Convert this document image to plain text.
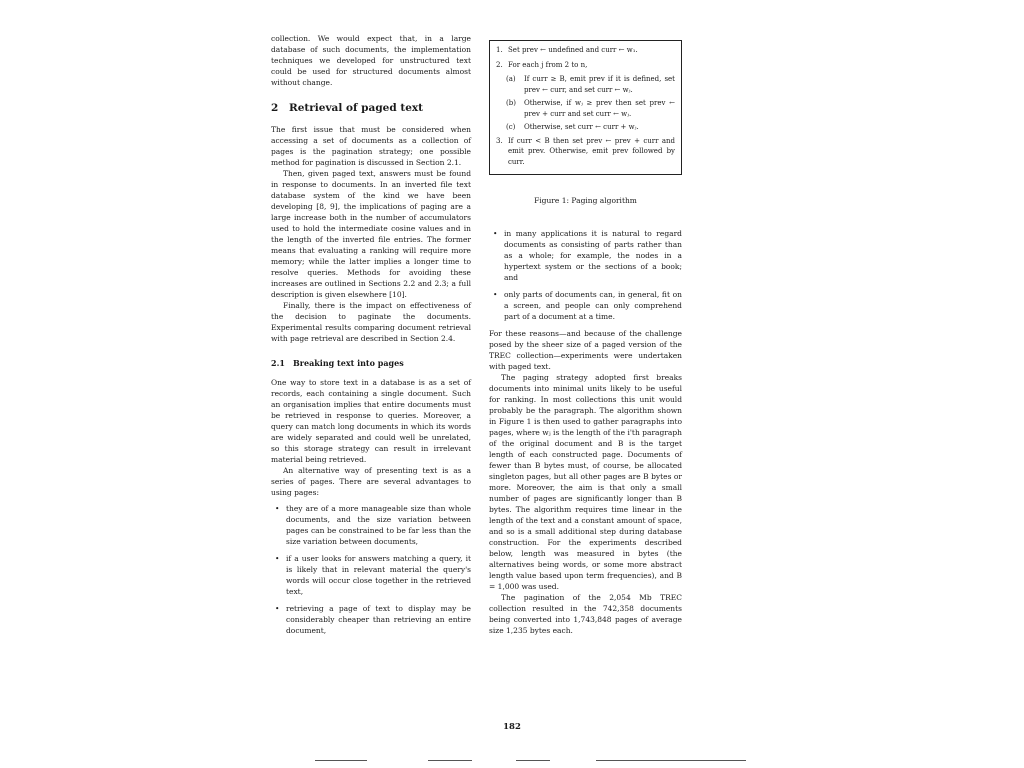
collection. We would expect that, in a large database of such documents, the implementation techniques we developed for unstructured text could be used for structured documents almost without change.

2 Retrieval of paged text

The first issue that must be considered when accessing a set of documents as a collection of pages is the pagination strategy; one possible method for pagination is discussed in Section 2.1.

Then, given paged text, answers must be found in response to documents. In an inverted file text database system of the kind we have been developing [8, 9], the implications of paging are a large increase both in the number of accumulators used to hold the intermediate cosine values and in the length of the inverted file entries. The former means that evaluating a ranking will require more memory; while the latter implies a longer time to resolve queries. Methods for avoiding these increases are outlined in Sections 2.2 and 2.3; a full description is given elsewhere [10].

Finally, there is the impact on effectiveness of the decision to paginate the documents. Experimental results comparing document retrieval with page retrieval are described in Section 2.4.

2.1 Breaking text into pages

One way to store text in a database is as a set of records, each containing a single document. Such an organisation implies that entire documents must be retrieved in response to queries. Moreover, a query can match long documents in which its words are widely separated and could well be unrelated, so this storage strategy can result in irrelevant material being retrieved.

An alternative way of presenting text is as a series of pages. There are several advantages to using pages:

• they are of a more manageable size than whole documents, and the size variation between pages can be constrained to be far less than the size variation between documents,
• if a user looks for answers matching a query, it is likely that in relevant material the query's words will occur close together in the retrieved text,
• retrieving a page of text to display may be considerably cheaper than retrieving an entire document,
1. Set prev ← undefined and curr ← w₁.
2. For each j from 2 to n,
(a)	If curr ≥ B, emit prev if it is defined, set prev ← curr, and set curr ← wⱼ.
(b)	Otherwise, if wⱼ ≥ prev then set prev ← prev + curr and set curr ← wⱼ.
(c)	Otherwise, set curr ← curr + wⱼ.
3. If curr < B then set prev ← prev + curr and emit prev. Otherwise, emit prev followed by curr.
Figure 1: Paging algorithm
• in many applications it is natural to regard documents as consisting of parts rather than as a whole; for example, the nodes in a hypertext system or the sections of a book; and
• only parts of documents can, in general, fit on a screen, and people can only comprehend part of a document at a time.

For these reasons—and because of the challenge posed by the sheer size of a paged version of the TREC collection—experiments were undertaken with paged text.

The paging strategy adopted first breaks documents into minimal units likely to be useful for ranking. In most collections this unit would probably be the paragraph. The algorithm shown in Figure 1 is then used to gather paragraphs into pages, where wⱼ is the length of the i'th paragraph of the original document and B is the target length of each constructed page. Documents of fewer than B bytes must, of course, be allocated singleton pages, but all other pages are B bytes or more. Moreover, the aim is that only a small number of pages are significantly longer than B bytes. The algorithm requires time linear in the length of the text and a constant amount of space, and so is a small additional step during database construction. For the experiments described below, length was measured in bytes (the alternatives being words, or some more abstract length value based upon term frequencies), and B = 1,000 was used.

The pagination of the 2,054 Mb TREC collection resulted in the 742,358 documents being converted into 1,743,848 pages of average size 1,235 bytes each.

182
